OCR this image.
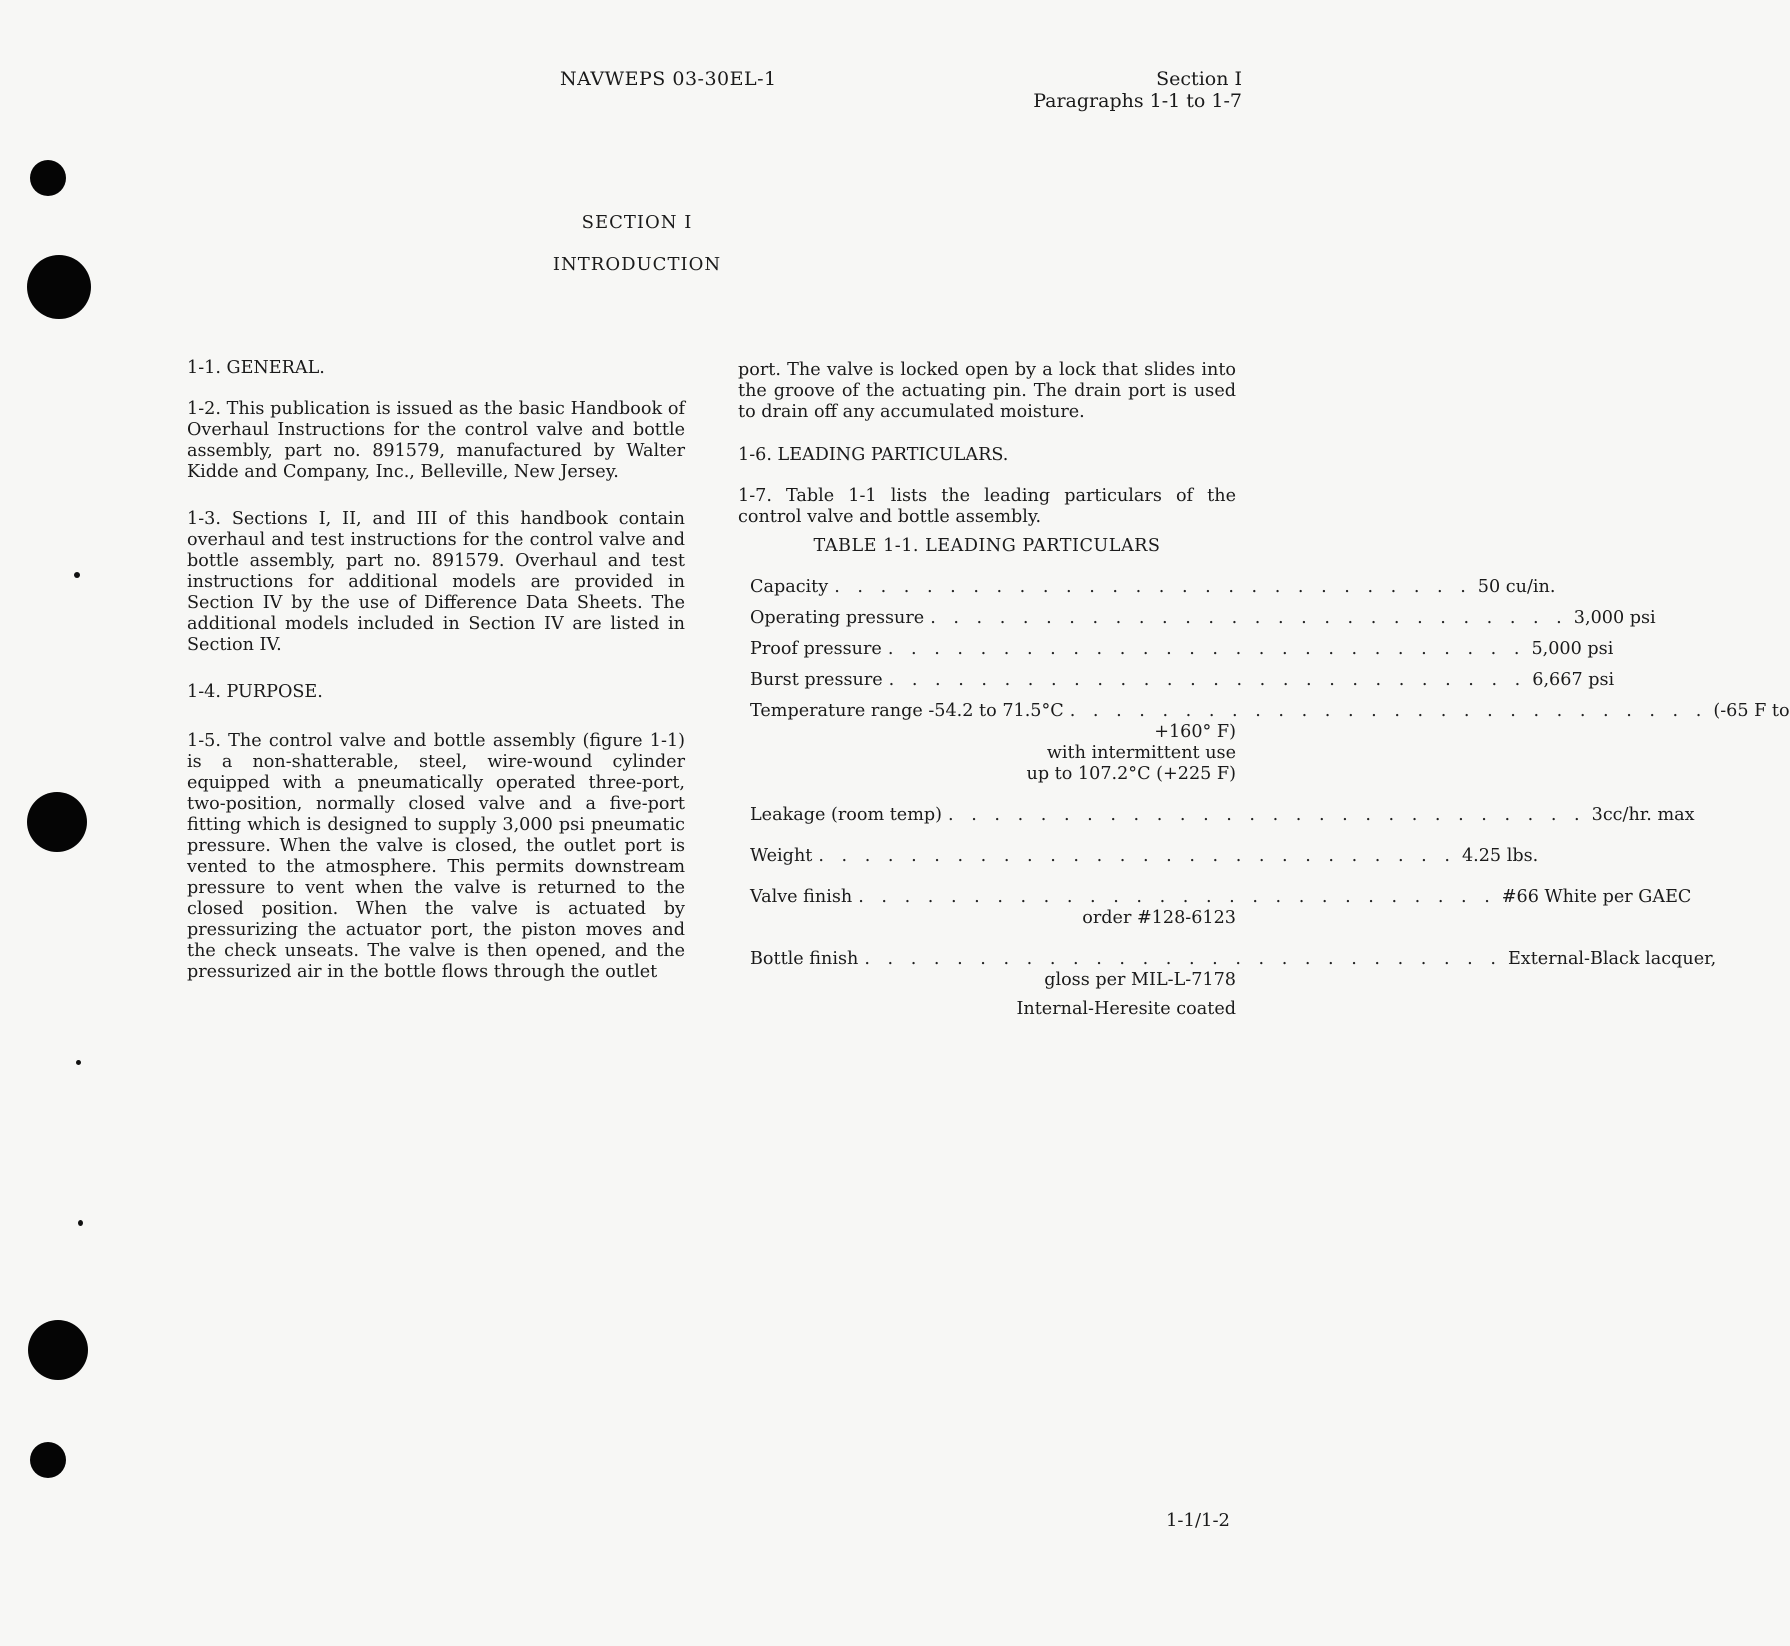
NAVWEPS 03-30EL-1	Section I
Paragraphs 1-1 to 1-7
SECTION I
INTRODUCTION

1-1. GENERAL.

1-2. This publication is issued as the basic Handbook of Overhaul Instructions for the control valve and bottle assembly, part no. 891579, manufactured by Walter Kidde and Company, Inc., Belleville, New Jersey.

1-3. Sections I, II, and III of this handbook contain overhaul and test instructions for the control valve and bottle assembly, part no. 891579. Overhaul and test instructions for additional models are provided in Section IV by the use of Difference Data Sheets. The additional models included in Section IV are listed in Section IV.

1-4. PURPOSE.

1-5. The control valve and bottle assembly (figure 1-1) is a non-shatterable, steel, wire-wound cylinder equipped with a pneumatically operated three-port, two-position, normally closed valve and a five-port fitting which is designed to supply 3,000 psi pneumatic pressure. When the valve is closed, the outlet port is vented to the atmosphere. This permits downstream pressure to vent when the valve is returned to the closed position. When the valve is actuated by pressurizing the actuator port, the piston moves and the check unseats. The valve is then opened, and the pressurized air in the bottle flows through the outlet

port. The valve is locked open by a lock that slides into the groove of the actuating pin. The drain port is used to drain off any accumulated moisture.

1-6. LEADING PARTICULARS.

1-7. Table 1-1 lists the leading particulars of the control valve and bottle assembly.

TABLE 1-1. LEADING PARTICULARS
Capacity . . . . . . . . . . . . . . . . . . . . . . . . . . . . 50 cu/in.
Operating pressure . . . . . . . . . . . . . . . . . . . . . . . . . . . . 3,000 psi
Proof pressure . . . . . . . . . . . . . . . . . . . . . . . . . . . . 5,000 psi
Burst pressure . . . . . . . . . . . . . . . . . . . . . . . . . . . . 6,667 psi
Temperature range -54.2 to 71.5°C . . . . . . . . . . . . . . . . . . . . . . . . . . . . (-65 F to
+160° F)
with intermittent use
up to 107.2°C (+225 F)
Leakage (room temp) . . . . . . . . . . . . . . . . . . . . . . . . . . . . 3cc/hr. max
Weight . . . . . . . . . . . . . . . . . . . . . . . . . . . . 4.25 lbs.
Valve finish . . . . . . . . . . . . . . . . . . . . . . . . . . . . #66 White per GAEC
order #128-6123
Bottle finish . . . . . . . . . . . . . . . . . . . . . . . . . . . . External-Black lacquer,
gloss per MIL-L-7178
Internal-Heresite coated
1-1/1-2
